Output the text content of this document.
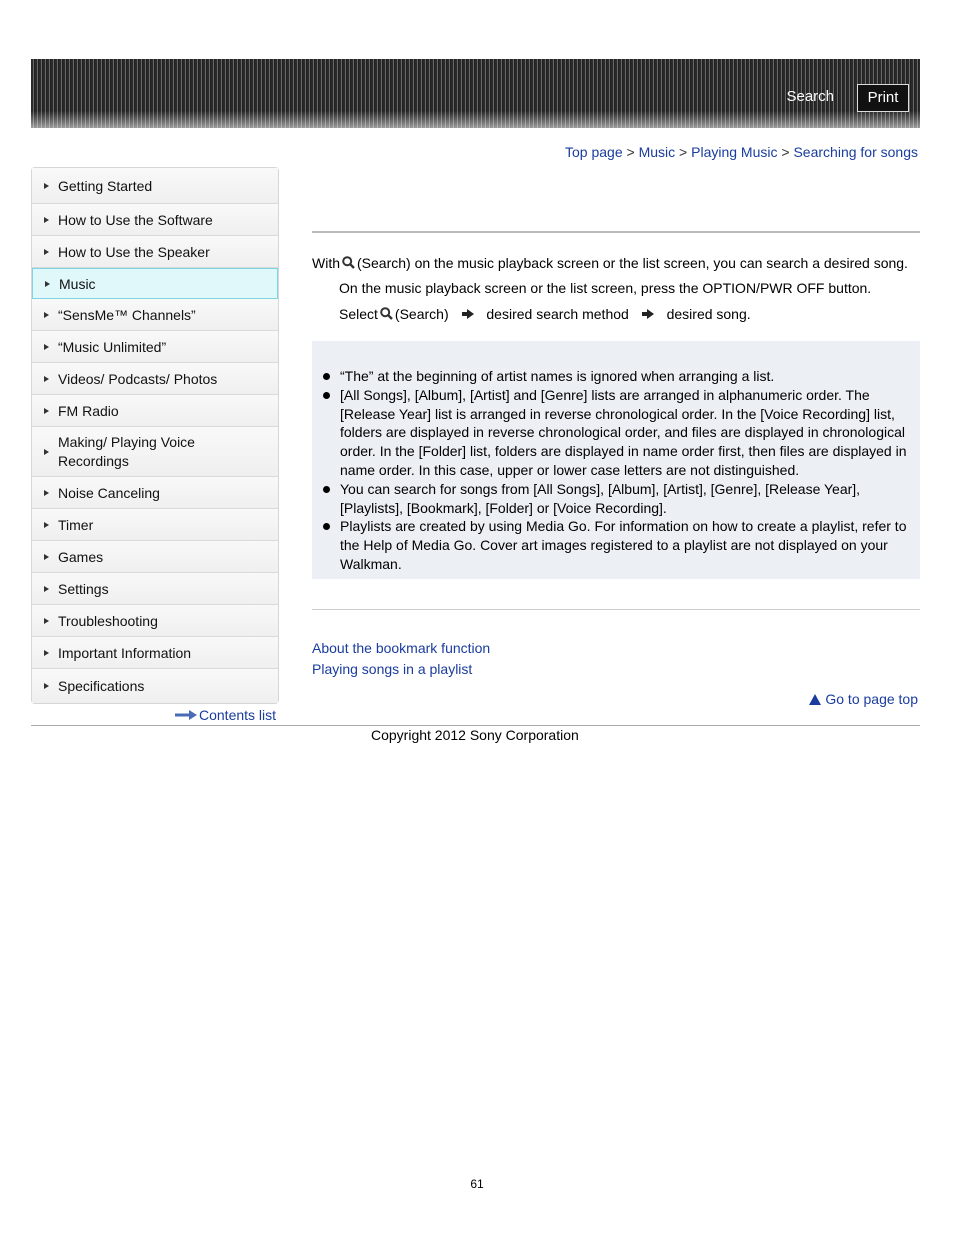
Search	Print
Top page > Music > Playing Music > Searching for songs
Getting Started
How to Use the Software
How to Use the Speaker
Music
“SensMe™ Channels”
“Music Unlimited”
Videos/ Podcasts/ Photos
FM Radio
Making/ Playing Voice Recordings
Noise Canceling
Timer
Games
Settings
Troubleshooting
Important Information
Specifications
Contents list
With (Search) on the music playback screen or the list screen, you can search a desired song.
On the music playback screen or the list screen, press the OPTION/PWR OFF button.
Select (Search)	desired search method	desired song.
“The” at the beginning of artist names is ignored when arranging a list.
[All Songs], [Album], [Artist] and [Genre] lists are arranged in alphanumeric order. The [Release Year] list is arranged in reverse chronological order. In the [Voice Recording] list, folders are displayed in reverse chronological order, and files are displayed in chronological order. In the [Folder] list, folders are displayed in name order first, then files are displayed in name order. In this case, upper or lower case letters are not distinguished.
You can search for songs from [All Songs], [Album], [Artist], [Genre], [Release Year], [Playlists], [Bookmark], [Folder] or [Voice Recording].
Playlists are created by using Media Go. For information on how to create a playlist, refer to the Help of Media Go. Cover art images registered to a playlist are not displayed on your Walkman.
About the bookmark function
Playing songs in a playlist
Go to page top
Copyright 2012 Sony Corporation
61
